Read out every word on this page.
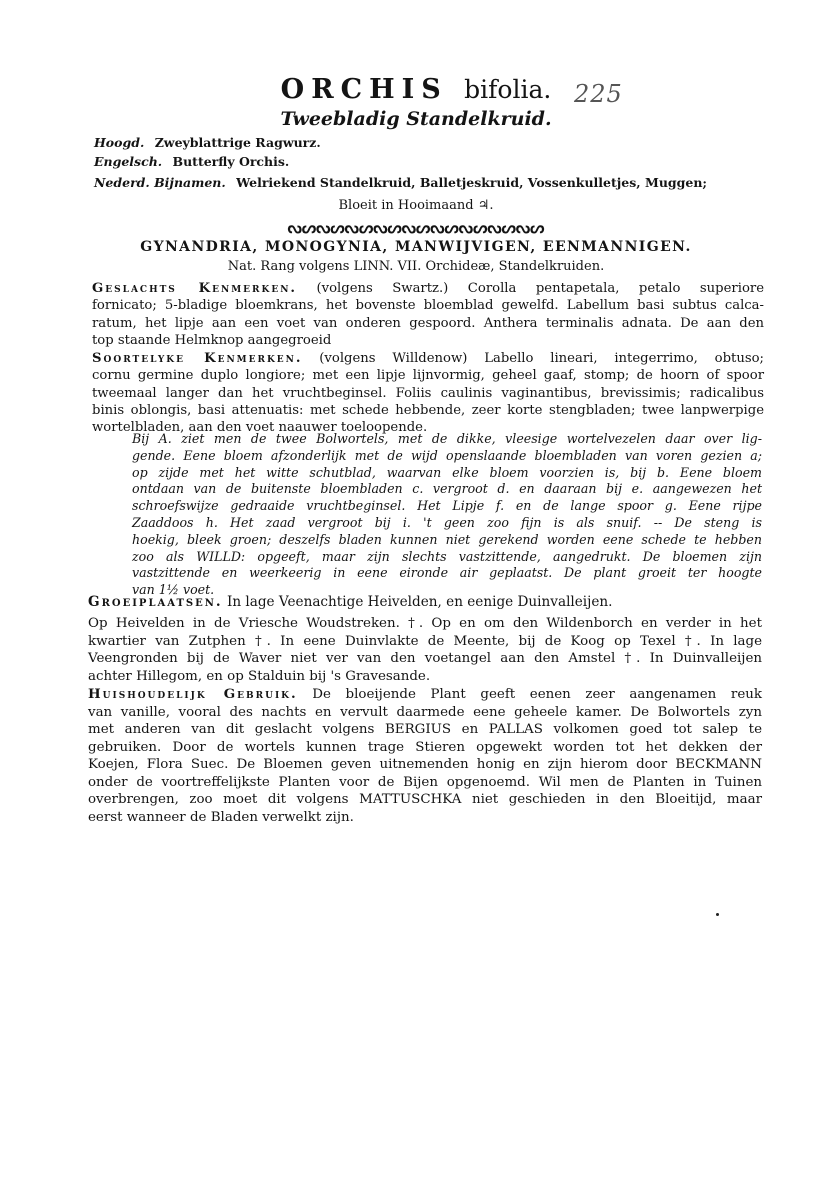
ORCHIS bifolia. 225
Tweebladig Standelkruid.
Hoogd. Zweyblattrige Ragwurz.
Engelsch. Butterfly Orchis.
Nederd. Bijnamen. Welriekend Standelkruid, Balletjeskruid, Vossenkulletjes, Muggen;
Bloeit in Hooimaand ♃.
ᔓᔕᔓᔕᔓᔕᔓᔕᔓᔕᔓᔕᔓᔕᔓᔕᔓᔕ
GYNANDRIA, MONOGYNIA, MANWIJVIGEN, EENMANNIGEN.
Nat. Rang volgens LINN. VII. Orchideæ, Standelkruiden.
Geslachts Kenmerken. (volgens Swartz.) Corolla pentapetala, petalo superiore
fornicato; 5-bladige bloemkrans, het bovenste bloemblad gewelfd. Labellum basi subtus calca-
ratum, het lipje aan een voet van onderen gespoord. Anthera terminalis adnata. De aan den
top staande Helmknop aangegroeid
Soortelyke Kenmerken. (volgens Willdenow) Labello lineari, integerrimo, obtuso;
cornu germine duplo longiore; met een lipje lijnvormig, geheel gaaf, stomp; de hoorn of spoor
tweemaal langer dan het vruchtbeginsel. Foliis caulinis vaginantibus, brevissimis; radicalibus
binis oblongis, basi attenuatis: met schede hebbende, zeer korte stengbladen; twee lanpwerpige
wortelbladen, aan den voet naauwer toeloopende.
Bij A. ziet men de twee Bolwortels, met de dikke, vleesige wortelvezelen daar over lig-
gende. Eene bloem afzonderlijk met de wijd openslaande bloembladen van voren gezien a;
op zijde met het witte schutblad, waarvan elke bloem voorzien is, bij b. Eene bloem
ontdaan van de buitenste bloembladen c. vergroot d. en daaraan bij e. aangewezen het
schroefswijze gedraaide vruchtbeginsel. Het Lipje f. en de lange spoor g. Eene rijpe
Zaaddoos h. Het zaad vergroot bij i. 't geen zoo fijn is als snuif. -- De steng is
hoekig, bleek groen; deszelfs bladen kunnen niet gerekend worden eene schede te hebben
zoo als WILLD: opgeeft, maar zijn slechts vastzittende, aangedrukt. De bloemen zijn
vastzittende en weerkeerig in eene eironde air geplaatst. De plant groeit ter hoogte
van 1½ voet.
Groeiplaatsen. In lage Veenachtige Heivelden, en eenige Duinvalleijen.
Op Heivelden in de Vriesche Woudstreken. †. Op en om den Wildenborch en verder in het
kwartier van Zutphen †. In eene Duinvlakte de Meente, bij de Koog op Texel †. In lage
Veengronden bij de Waver niet ver van den voetangel aan den Amstel †. In Duinvalleijen
achter Hillegom, en op Stalduin bij 's Gravesande.
Huishoudelijk Gebruik. De bloeijende Plant geeft eenen zeer aangenamen reuk
van vanille, vooral des nachts en vervult daarmede eene geheele kamer. De Bolwortels zyn
met anderen van dit geslacht volgens BERGIUS en PALLAS volkomen goed tot salep te
gebruiken. Door de wortels kunnen trage Stieren opgewekt worden tot het dekken der
Koejen, Flora Suec. De Bloemen geven uitnemenden honig en zijn hierom door BECKMANN
onder de voortreffelijkste Planten voor de Bijen opgenoemd. Wil men de Planten in Tuinen
overbrengen, zoo moet dit volgens MATTUSCHKA niet geschieden in den Bloeitijd, maar
eerst wanneer de Bladen verwelkt zijn.
